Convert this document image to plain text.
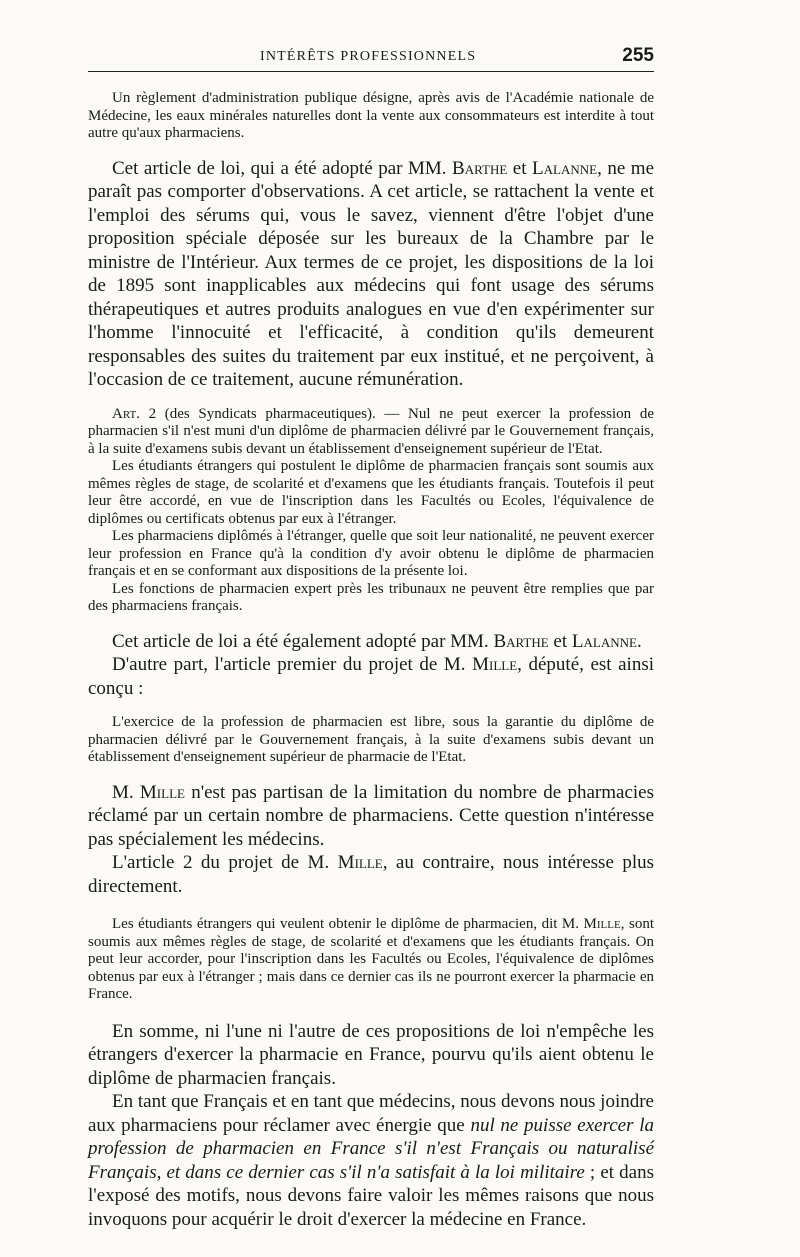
INTÉRÊTS PROFESSIONNELS	255

Un règlement d'administration publique désigne, après avis de l'Académie nationale de Médecine, les eaux minérales naturelles dont la vente aux consommateurs est interdite à tout autre qu'aux pharmaciens.

Cet article de loi, qui a été adopté par MM. Barthe et Lalanne, ne me paraît pas comporter d'observations. A cet article, se rattachent la vente et l'emploi des sérums qui, vous le savez, viennent d'être l'objet d'une proposition spéciale déposée sur les bureaux de la Chambre par le ministre de l'Intérieur. Aux termes de ce projet, les dispositions de la loi de 1895 sont inapplicables aux médecins qui font usage des sérums thérapeutiques et autres produits analogues en vue d'en expérimenter sur l'homme l'innocuité et l'efficacité, à condition qu'ils demeurent responsables des suites du traitement par eux institué, et ne perçoivent, à l'occasion de ce traitement, aucune rémunération.

Art. 2 (des Syndicats pharmaceutiques). — Nul ne peut exercer la profession de pharmacien s'il n'est muni d'un diplôme de pharmacien délivré par le Gouvernement français, à la suite d'examens subis devant un établissement d'enseignement supérieur de l'Etat.

Les étudiants étrangers qui postulent le diplôme de pharmacien français sont soumis aux mêmes règles de stage, de scolarité et d'examens que les étudiants français. Toutefois il peut leur être accordé, en vue de l'inscription dans les Facultés ou Ecoles, l'équivalence de diplômes ou certificats obtenus par eux à l'étranger.

Les pharmaciens diplômés à l'étranger, quelle que soit leur nationalité, ne peuvent exercer leur profession en France qu'à la condition d'y avoir obtenu le diplôme de pharmacien français et en se conformant aux dispositions de la présente loi.

Les fonctions de pharmacien expert près les tribunaux ne peuvent être remplies que par des pharmaciens français.

Cet article de loi a été également adopté par MM. Barthe et Lalanne.

D'autre part, l'article premier du projet de M. Mille, député, est ainsi conçu :

L'exercice de la profession de pharmacien est libre, sous la garantie du diplôme de pharmacien délivré par le Gouvernement français, à la suite d'examens subis devant un établissement d'enseignement supérieur de pharmacie de l'Etat.

M. Mille n'est pas partisan de la limitation du nombre de pharmacies réclamé par un certain nombre de pharmaciens. Cette question n'intéresse pas spécialement les médecins.

L'article 2 du projet de M. Mille, au contraire, nous intéresse plus directement.

Les étudiants étrangers qui veulent obtenir le diplôme de pharmacien, dit M. Mille, sont soumis aux mêmes règles de stage, de scolarité et d'examens que les étudiants français. On peut leur accorder, pour l'inscription dans les Facultés ou Ecoles, l'équivalence de diplômes obtenus par eux à l'étranger ; mais dans ce dernier cas ils ne pourront exercer la pharmacie en France.

En somme, ni l'une ni l'autre de ces propositions de loi n'empêche les étrangers d'exercer la pharmacie en France, pourvu qu'ils aient obtenu le diplôme de pharmacien français.

En tant que Français et en tant que médecins, nous devons nous joindre aux pharmaciens pour réclamer avec énergie que nul ne puisse exercer la profession de pharmacien en France s'il n'est Français ou naturalisé Français, et dans ce dernier cas s'il n'a satisfait à la loi militaire ; et dans l'exposé des motifs, nous devons faire valoir les mêmes raisons que nous invoquons pour acquérir le droit d'exercer la médecine en France.
